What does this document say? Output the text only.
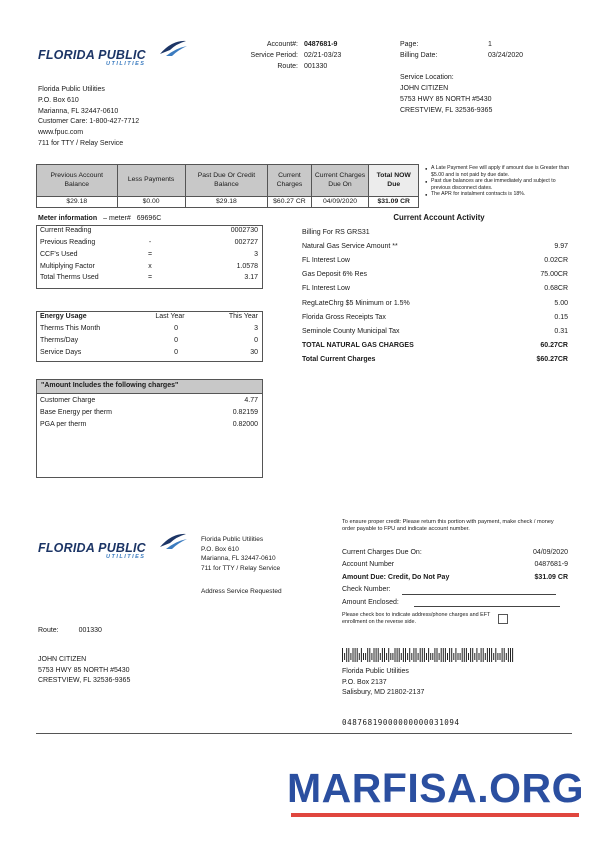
FLORIDA PUBLIC
UTILITIES
Account#: 0487681-9
Service Period: 02/21-03/23
Route: 001330
Page:	1
Billing Date:	03/24/2020
Service Location:
JOHN CITIZEN
5753 HWY 85 NORTH #5430
CRESTVIEW, FL 32536-9365
Florida Public Utilities
P.O. Box 610
Marianna, FL 32447-0610
Customer Care: 1-800-427-7712
www.fpuc.com
711 for TTY / Relay Service
Previous Account Balance	Less Payments	Past Due Or Credit Balance	Current Charges	Current Charges Due On	Total NOW Due
$29.18	$0.00	$29.18	$60.27 CR	04/09/2020	$31.09 CR
● A Late Payment Fee will apply if amount due is Greater than $5.00 and is not paid by due date.
● Past due balances are due immediately and subject to previous disconnect dates.
● The APR for instalment contracts is 18%.
Meter information – meter# 69696C
Current Reading	0002730
Previous Reading	-	002727
CCF's Used	=	3
Multiplying Factor	x	1.0578
Total Therms Used	=	3.17
Energy Usage	Last Year	This Year
Therms This Month	0	3
Therms/Day	0	0
Service Days	0	30
"Amount Includes the following charges"
Customer Charge	4.77
Base Energy per therm	0.82159
PGA per therm	0.82000
Current Account Activity
Billing For RS GRS31
Natural Gas Service Amount **	9.97
FL Interest Low	0.02CR
Gas Deposit 6% Res	75.00CR
FL Interest Low	0.68CR
RegLateChrg $5 Minimum or 1.5%	5.00
Florida Gross Receipts Tax	0.15
Seminole County Municipal Tax	0.31
TOTAL NATURAL GAS CHARGES	60.27CR
Total Current Charges	$60.27CR
FLORIDA PUBLIC
UTILITIES
Florida Public Utilities
P.O. Box 610
Marianna, FL 32447-0610
711 for TTY / Relay Service
Address Service Requested
To ensure proper credit: Please return this portion with payment, make check / money order payable to FPU and indicate account number.
Current Charges Due On:	04/09/2020
Account Number	0487681-9
Amount Due: Credit, Do Not Pay	$31.09 CR
Check Number:
Amount Enclosed:
Please check box to indicate address/phone charges and EFT enrollment on the reverse side.
Route:	001330
JOHN CITIZEN
5753 HWY 85 NORTH #5430
CRESTVIEW, FL 32536-9365
Florida Public Utilities
P.O. Box 2137
Salisbury, MD 21802-2137
04876819000000000031094
MARFISA.ORG
